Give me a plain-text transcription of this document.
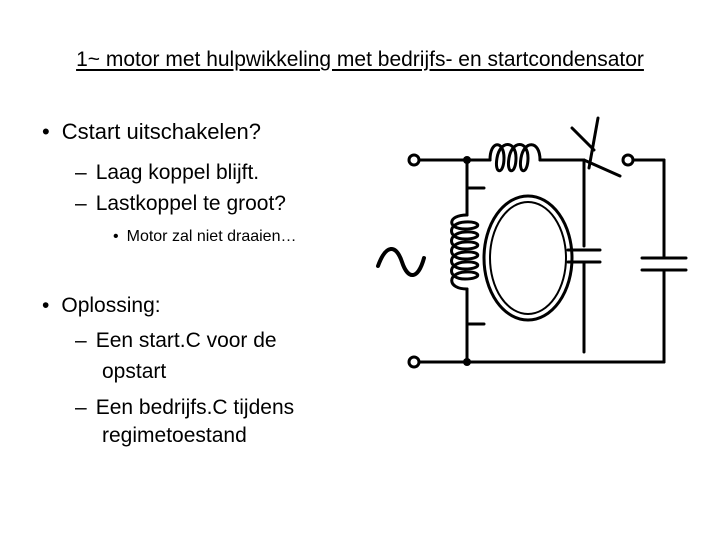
1~ motor met hulpwikkeling met bedrijfs- en startcondensator
• Cstart uitschakelen?
– Laag koppel blijft.
– Lastkoppel te groot?
• Motor zal niet draaien…
• Oplossing:
– Een start.C voor de
opstart
– Een bedrijfs.C tijdens
regimetoestand
